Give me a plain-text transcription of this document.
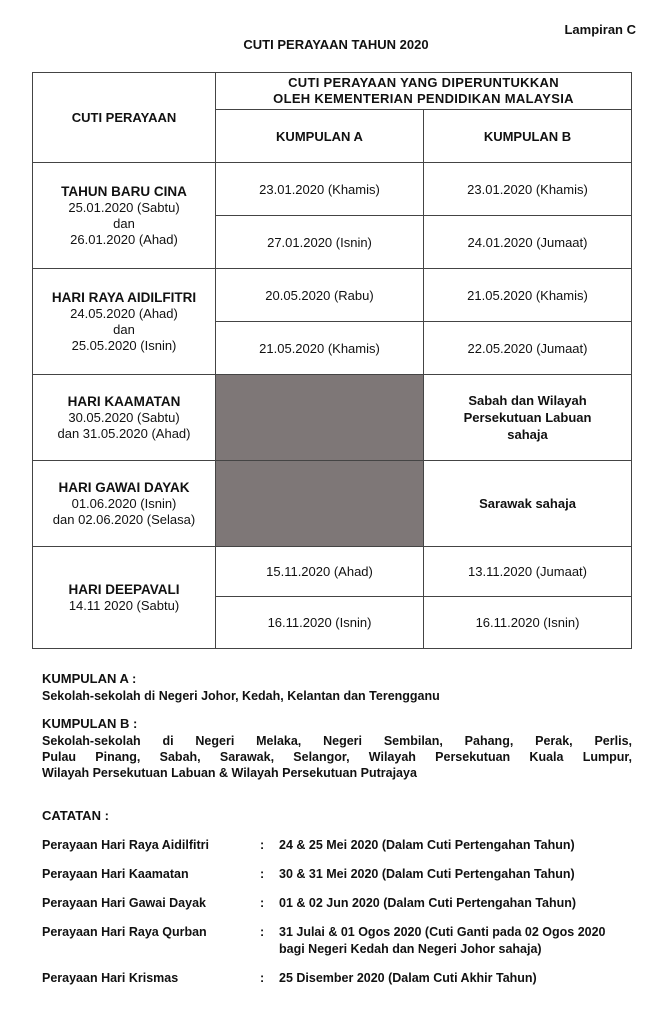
Lampiran C
CUTI PERAYAAN TAHUN 2020
CUTI PERAYAAN	CUTI PERAYAAN YANG DIPERUNTUKKAN
OLEH KEMENTERIAN PENDIDIKAN MALAYSIA	

	KUMPULAN A	KUMPULAN B

TAHUN BARU CINA
25.01.2020 (Sabtu)
dan
26.01.2020 (Ahad)	23.01.2020 (Khamis)	23.01.2020 (Khamis)
	27.01.2020 (Isnin)	24.01.2020 (Jumaat)

HARI RAYA AIDILFITRI
24.05.2020 (Ahad)
dan
25.05.2020 (Isnin)	20.05.2020 (Rabu)	21.05.2020 (Khamis)
	21.05.2020 (Khamis)	22.05.2020 (Jumaat)

HARI KAAMATAN
30.05.2020 (Sabtu)
dan 31.05.2020 (Ahad)		Sabah dan Wilayah
Persekutuan Labuan
sahaja

HARI GAWAI DAYAK
01.06.2020 (Isnin)
dan 02.06.2020 (Selasa)		Sarawak sahaja

HARI DEEPAVALI
14.11 2020 (Sabtu)	15.11.2020 (Ahad)	13.11.2020 (Jumaat)
	16.11.2020 (Isnin)	16.11.2020 (Isnin)
KUMPULAN A :
Sekolah-sekolah di Negeri Johor, Kedah, Kelantan dan Terengganu
KUMPULAN B :
Sekolah-sekolah di Negeri Melaka, Negeri Sembilan, Pahang, Perak, Perlis,
Pulau Pinang, Sabah, Sarawak, Selangor, Wilayah Persekutuan Kuala Lumpur,
Wilayah Persekutuan Labuan & Wilayah Persekutuan Putrajaya
CATATAN :
Perayaan Hari Raya Aidilfitri	: 24 & 25 Mei 2020 (Dalam Cuti Pertengahan Tahun)
Perayaan Hari Kaamatan	: 30 & 31 Mei 2020 (Dalam Cuti Pertengahan Tahun)
Perayaan Hari Gawai Dayak	: 01 & 02 Jun 2020 (Dalam Cuti Pertengahan Tahun)
Perayaan Hari Raya Qurban	: 31 Julai & 01 Ogos 2020 (Cuti Ganti pada 02 Ogos 2020 bagi Negeri Kedah dan Negeri Johor sahaja)
Perayaan Hari Krismas	: 25 Disember 2020 (Dalam Cuti Akhir Tahun)
